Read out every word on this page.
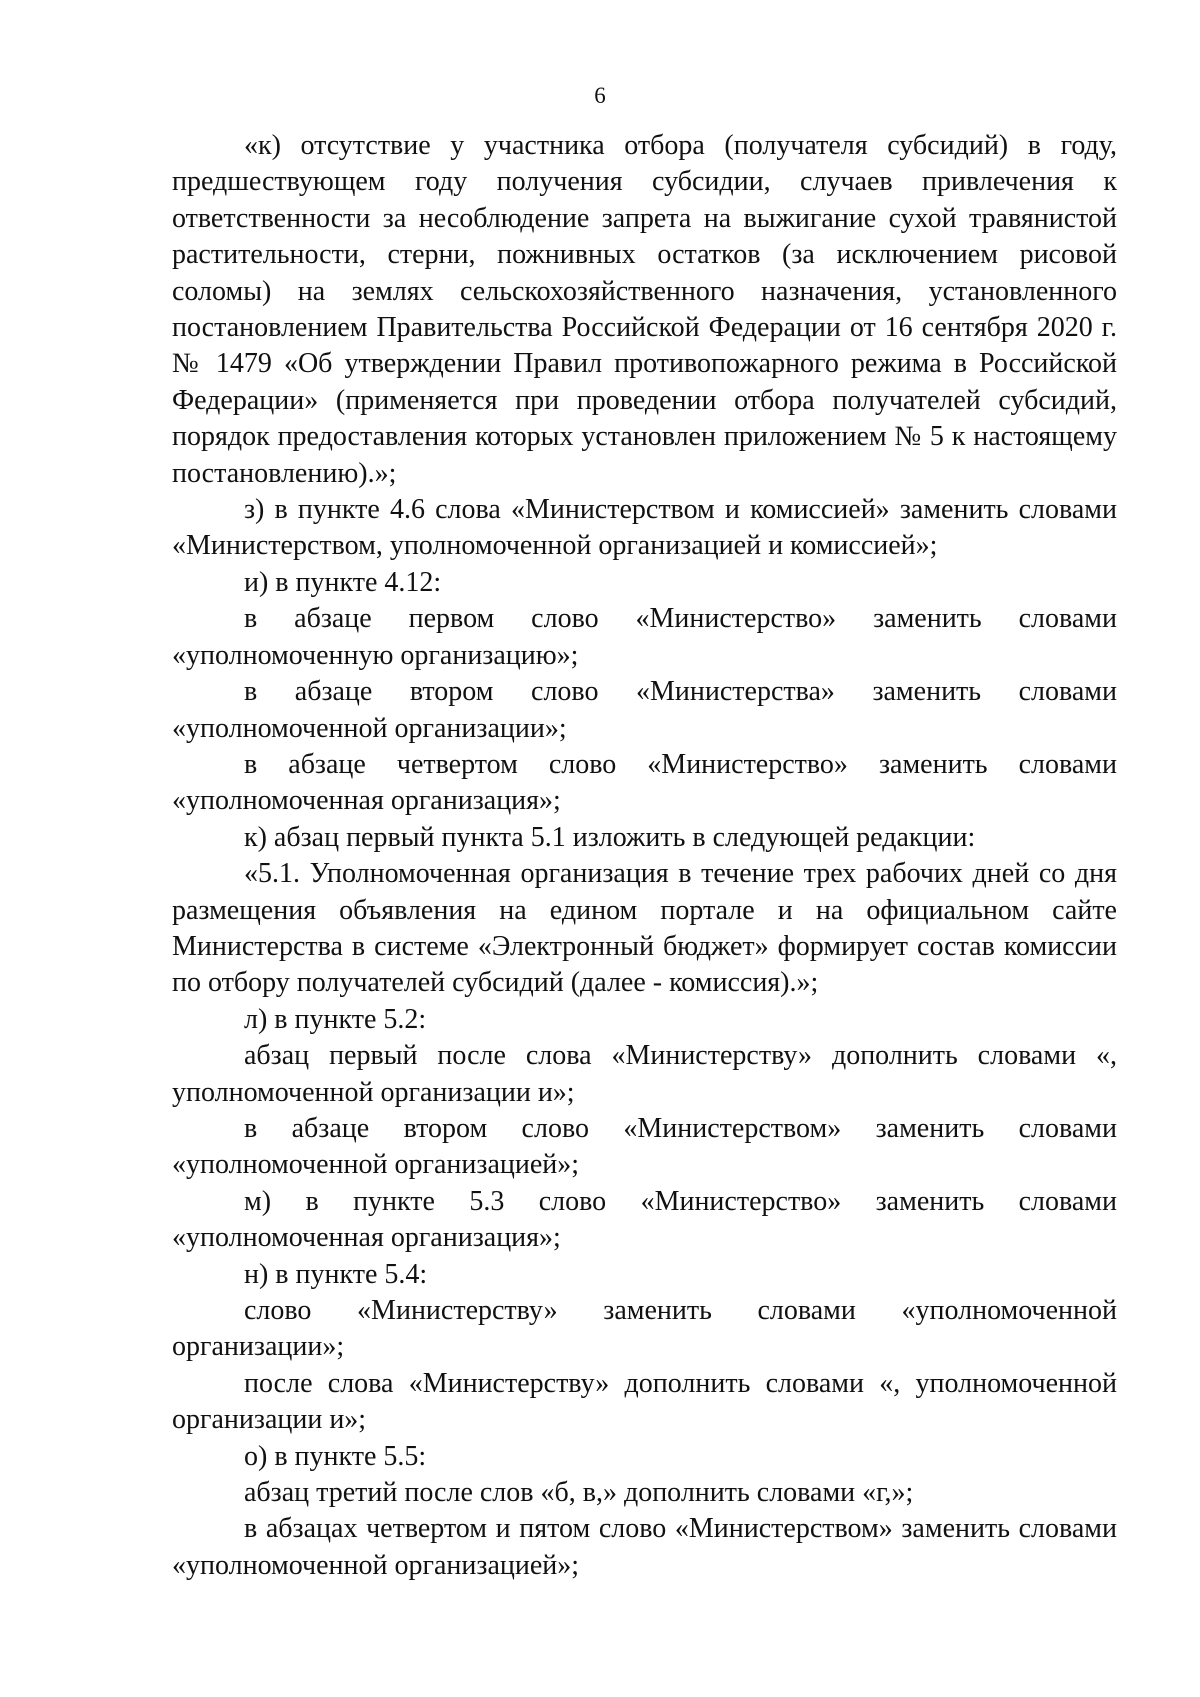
6

«к) отсутствие у участника отбора (получателя субсидий) в году, предшествующем году получения субсидии, случаев привлечения к ответственности за несоблюдение запрета на выжигание сухой травянистой растительности, стерни, пожнивных остатков (за исключением рисовой соломы) на землях сельскохозяйственного назначения, установленного постановлением Правительства Российской Федерации от 16 сентября 2020 г. № 1479 «Об утверждении Правил противопожарного режима в Российской Федерации» (применяется при проведении отбора получателей субсидий, порядок предоставления которых установлен приложением № 5 к настоящему постановлению).»;

з) в пункте 4.6 слова «Министерством и комиссией» заменить словами «Министерством, уполномоченной организацией и комиссией»;

и) в пункте 4.12:

в абзаце первом слово «Министерство» заменить словами «уполномоченную организацию»;

в абзаце втором слово «Министерства» заменить словами «уполномоченной организации»;

в абзаце четвертом слово «Министерство» заменить словами «уполномоченная организация»;

к) абзац первый пункта 5.1 изложить в следующей редакции:

«5.1. Уполномоченная организация в течение трех рабочих дней со дня размещения объявления на едином портале и на официальном сайте Министерства в системе «Электронный бюджет» формирует состав комиссии по отбору получателей субсидий (далее - комиссия).»;

л) в пункте 5.2:

абзац первый после слова «Министерству» дополнить словами «, уполномоченной организации и»;

в абзаце втором слово «Министерством» заменить словами «уполномоченной организацией»;

м) в пункте 5.3 слово «Министерство» заменить словами «уполномоченная организация»;

н) в пункте 5.4:

слово «Министерству» заменить словами «уполномоченной организации»;

после слова «Министерству» дополнить словами «, уполномоченной организации и»;

о) в пункте 5.5:

абзац третий после слов «б, в,» дополнить словами «г,»;

в абзацах четвертом и пятом слово «Министерством» заменить словами «уполномоченной организацией»;
